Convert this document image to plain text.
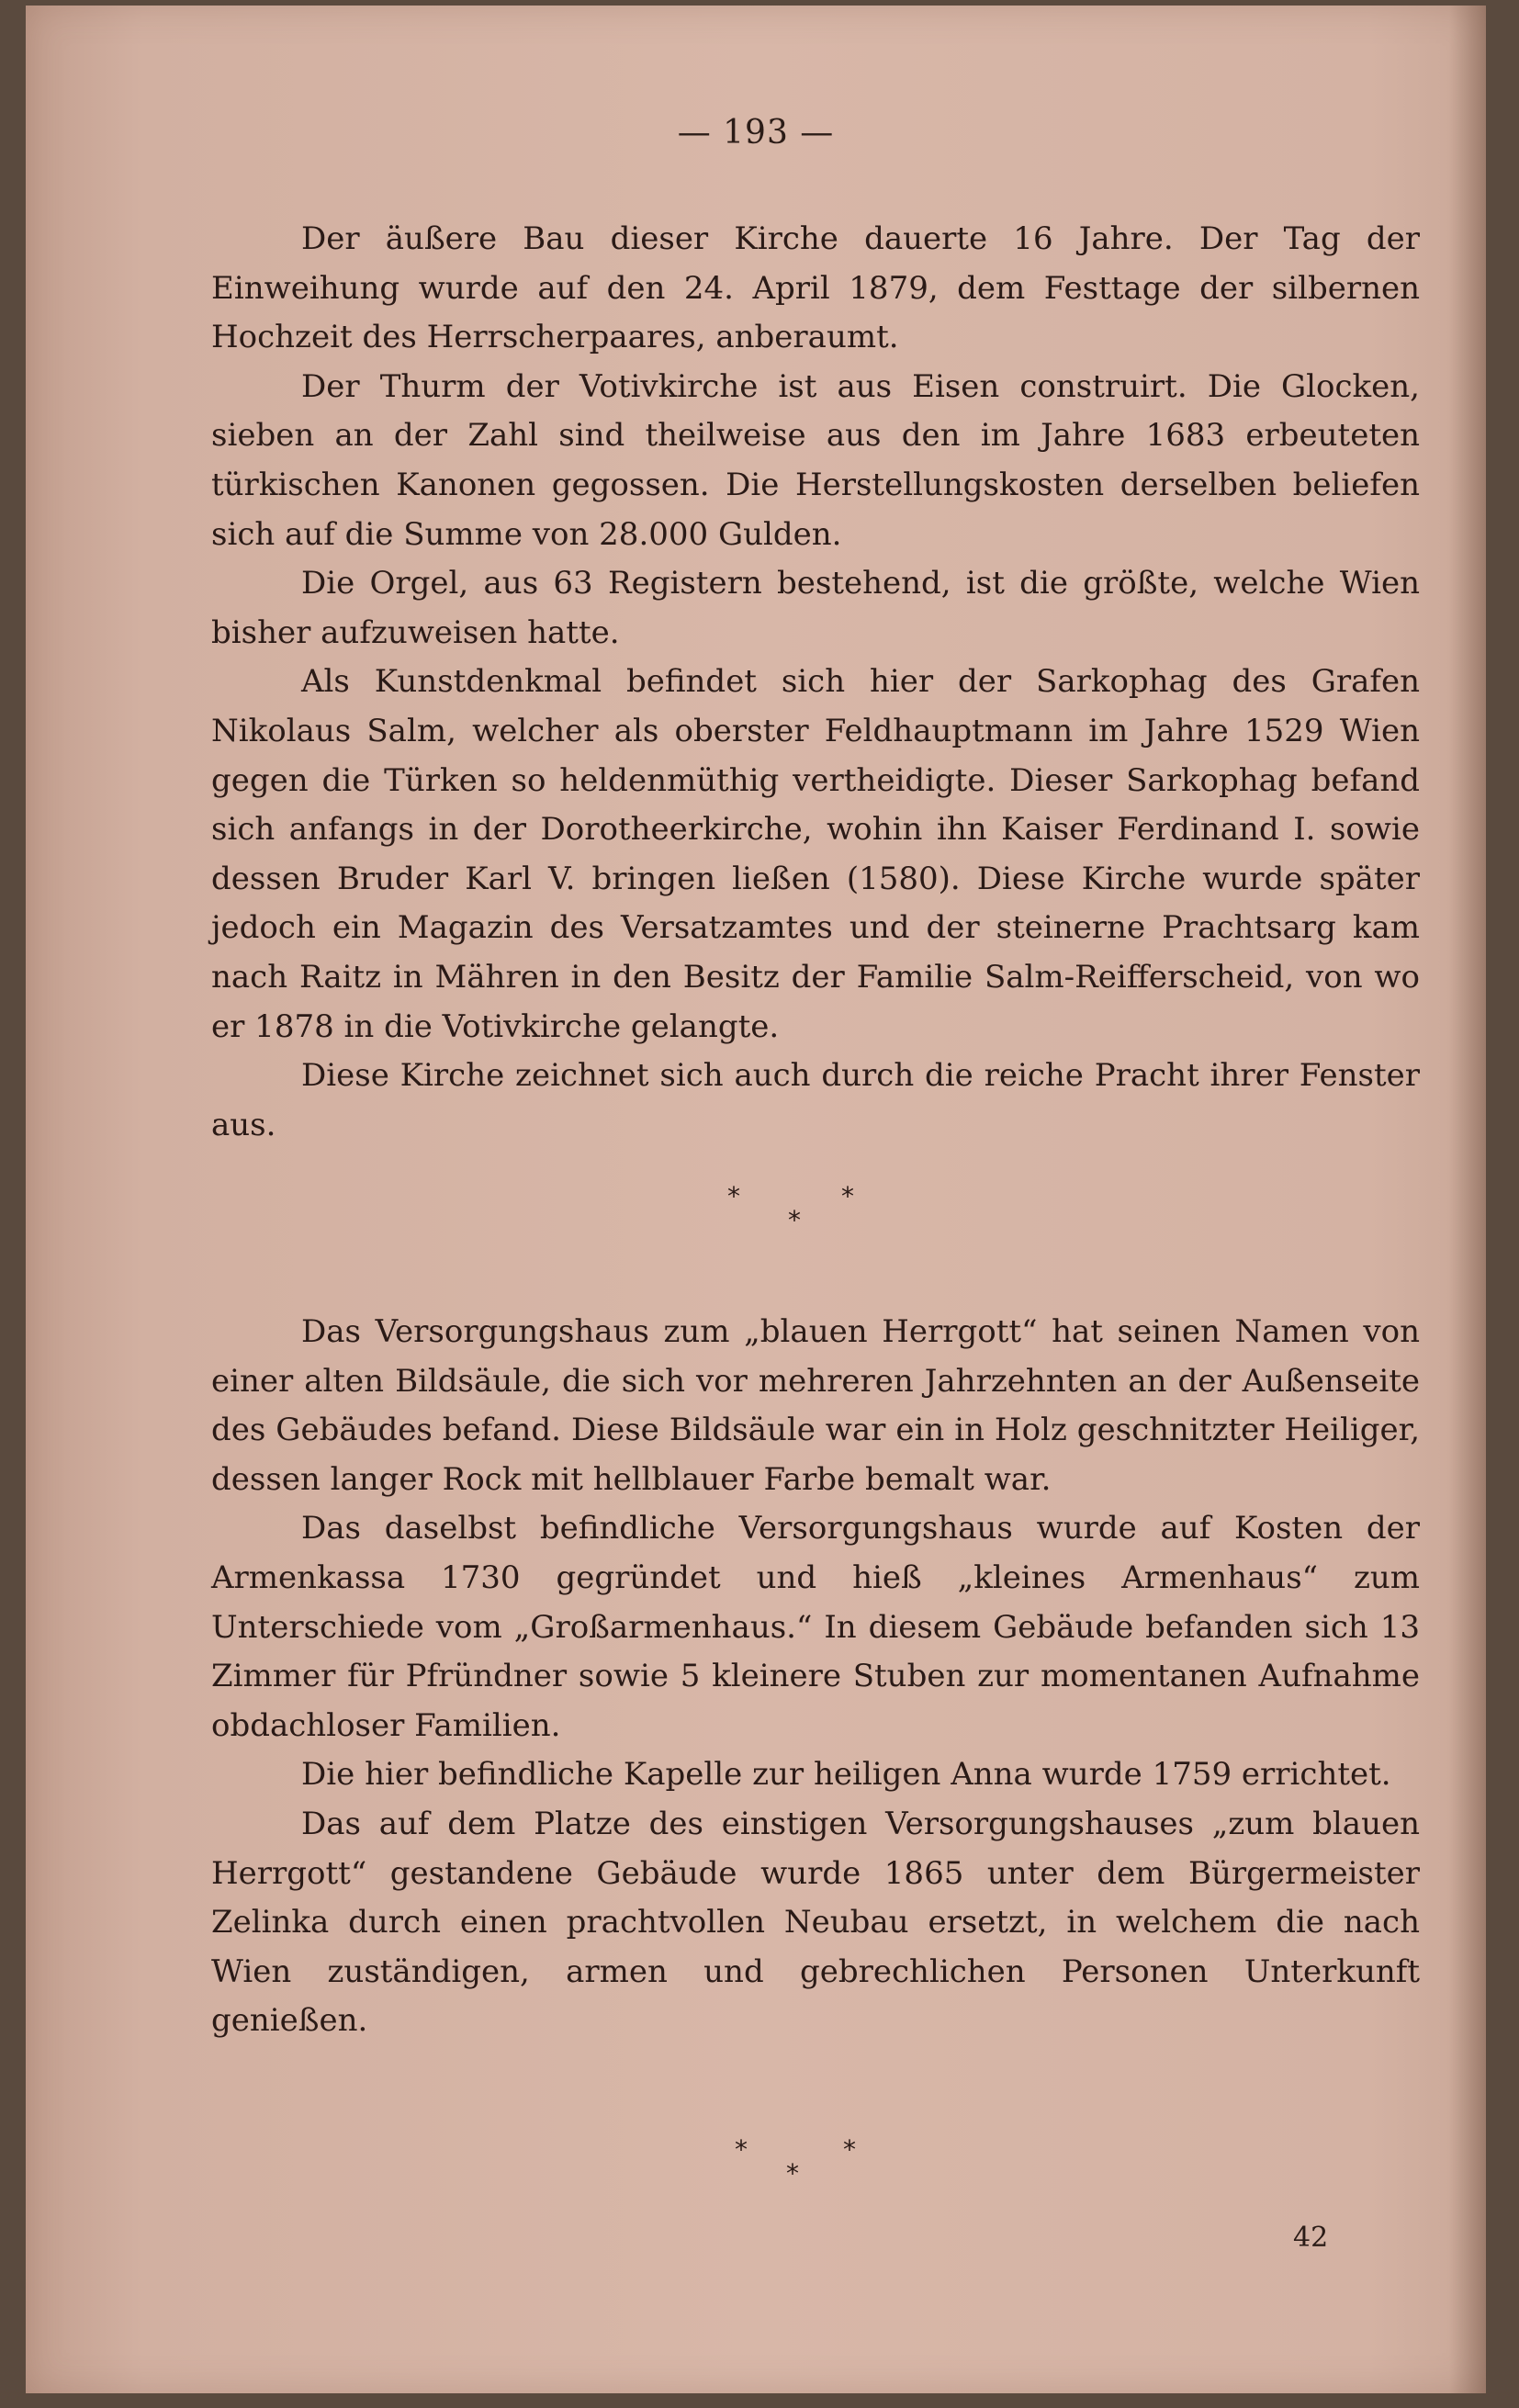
— 193 —

Der äußere Bau dieser Kirche dauerte 16 Jahre. Der Tag der Einweihung wurde auf den 24. April 1879, dem Festtage der silbernen Hochzeit des Herrscherpaares, anberaumt.

Der Thurm der Votivkirche ist aus Eisen construirt. Die Glocken, sieben an der Zahl sind theilweise aus den im Jahre 1683 erbeuteten türkischen Kanonen gegossen. Die Herstellungskosten derselben beliefen sich auf die Summe von 28.000 Gulden.

Die Orgel, aus 63 Registern bestehend, ist die größte, welche Wien bisher aufzuweisen hatte.

Als Kunstdenkmal befindet sich hier der Sarkophag des Grafen Nikolaus Salm, welcher als oberster Feldhauptmann im Jahre 1529 Wien gegen die Türken so heldenmüthig vertheidigte. Dieser Sarkophag befand sich anfangs in der Dorotheerkirche, wohin ihn Kaiser Ferdinand I. sowie dessen Bruder Karl V. bringen ließen (1580). Diese Kirche wurde später jedoch ein Magazin des Versatzamtes und der steinerne Prachtsarg kam nach Raitz in Mähren in den Besitz der Familie Salm-Reifferscheid, von wo er 1878 in die Votivkirche gelangte.

Diese Kirche zeichnet sich auch durch die reiche Pracht ihrer Fenster aus.

*	*
*

Das Versorgungshaus zum „blauen Herrgott“ hat seinen Namen von einer alten Bildsäule, die sich vor mehreren Jahrzehnten an der Außenseite des Gebäudes befand. Diese Bildsäule war ein in Holz geschnitzter Heiliger, dessen langer Rock mit hellblauer Farbe bemalt war.

Das daselbst befindliche Versorgungshaus wurde auf Kosten der Armenkassa 1730 gegründet und hieß „kleines Armenhaus“ zum Unterschiede vom „Großarmenhaus.“ In diesem Gebäude befanden sich 13 Zimmer für Pfründner sowie 5 kleinere Stuben zur momentanen Aufnahme obdachloser Familien.

Die hier befindliche Kapelle zur heiligen Anna wurde 1759 errichtet.

Das auf dem Platze des einstigen Versorgungshauses „zum blauen Herrgott“ gestandene Gebäude wurde 1865 unter dem Bürgermeister Zelinka durch einen prachtvollen Neubau ersetzt, in welchem die nach Wien zuständigen, armen und gebrechlichen Personen Unterkunft genießen.

*	*
*
42
